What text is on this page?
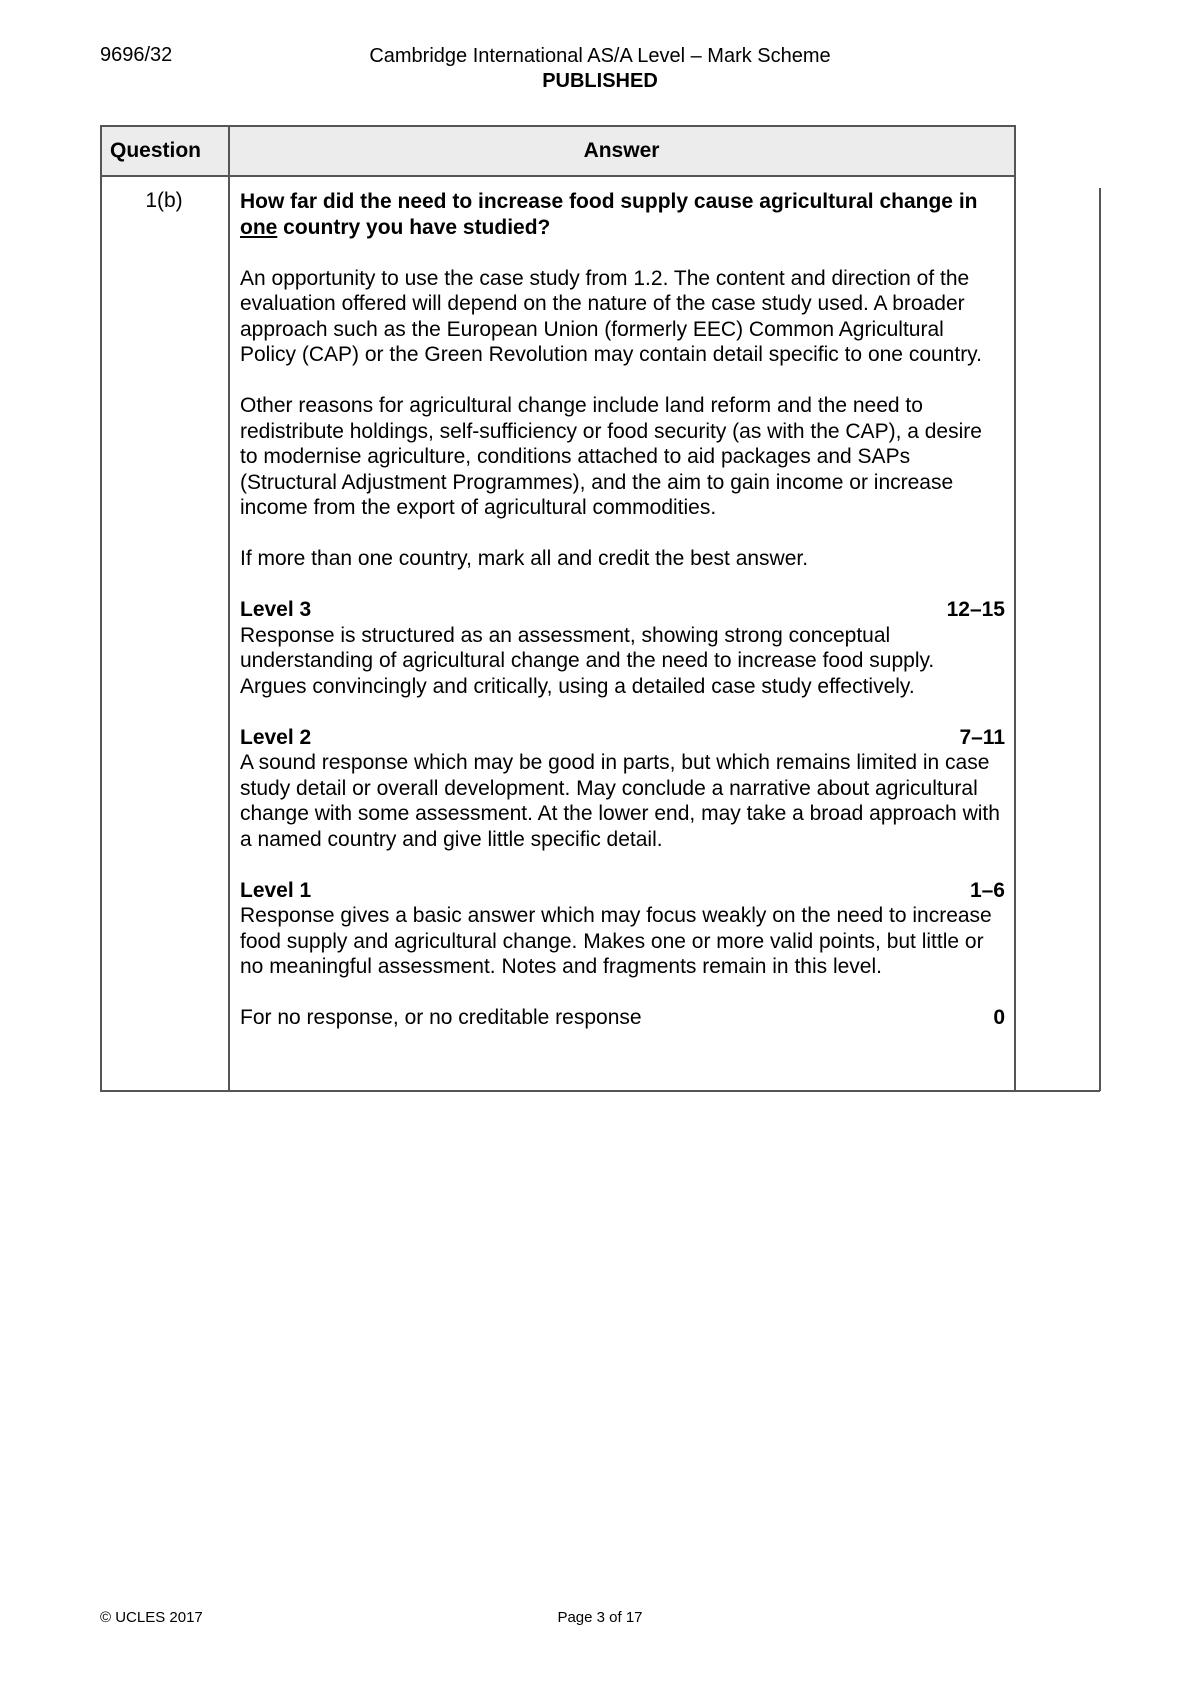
9696/32	Cambridge International AS/A Level – Mark Scheme
PUBLISHED
Question	Answer
1(b)	How far did the need to increase food supply cause agricultural change in one country you have studied?

An opportunity to use the case study from 1.2. The content and direction of the evaluation offered will depend on the nature of the case study used. A broader approach such as the European Union (formerly EEC) Common Agricultural Policy (CAP) or the Green Revolution may contain detail specific to one country.

Other reasons for agricultural change include land reform and the need to redistribute holdings, self-sufficiency or food security (as with the CAP), a desire to modernise agriculture, conditions attached to aid packages and SAPs (Structural Adjustment Programmes), and the aim to gain income or increase income from the export of agricultural commodities.

If more than one country, mark all and credit the best answer.

Level 3	12–15
Response is structured as an assessment, showing strong conceptual understanding of agricultural change and the need to increase food supply. Argues convincingly and critically, using a detailed case study effectively.
Level 2	7–11
A sound response which may be good in parts, but which remains limited in case study detail or overall development. May conclude a narrative about agricultural change with some assessment. At the lower end, may take a broad approach with a named country and give little specific detail.
Level 1	1–6
Response gives a basic answer which may focus weakly on the need to increase food supply and agricultural change. Makes one or more valid points, but little or no meaningful assessment. Notes and fragments remain in this level.
For no response, or no creditable response	0
© UCLES 2017	Page 3 of 17
